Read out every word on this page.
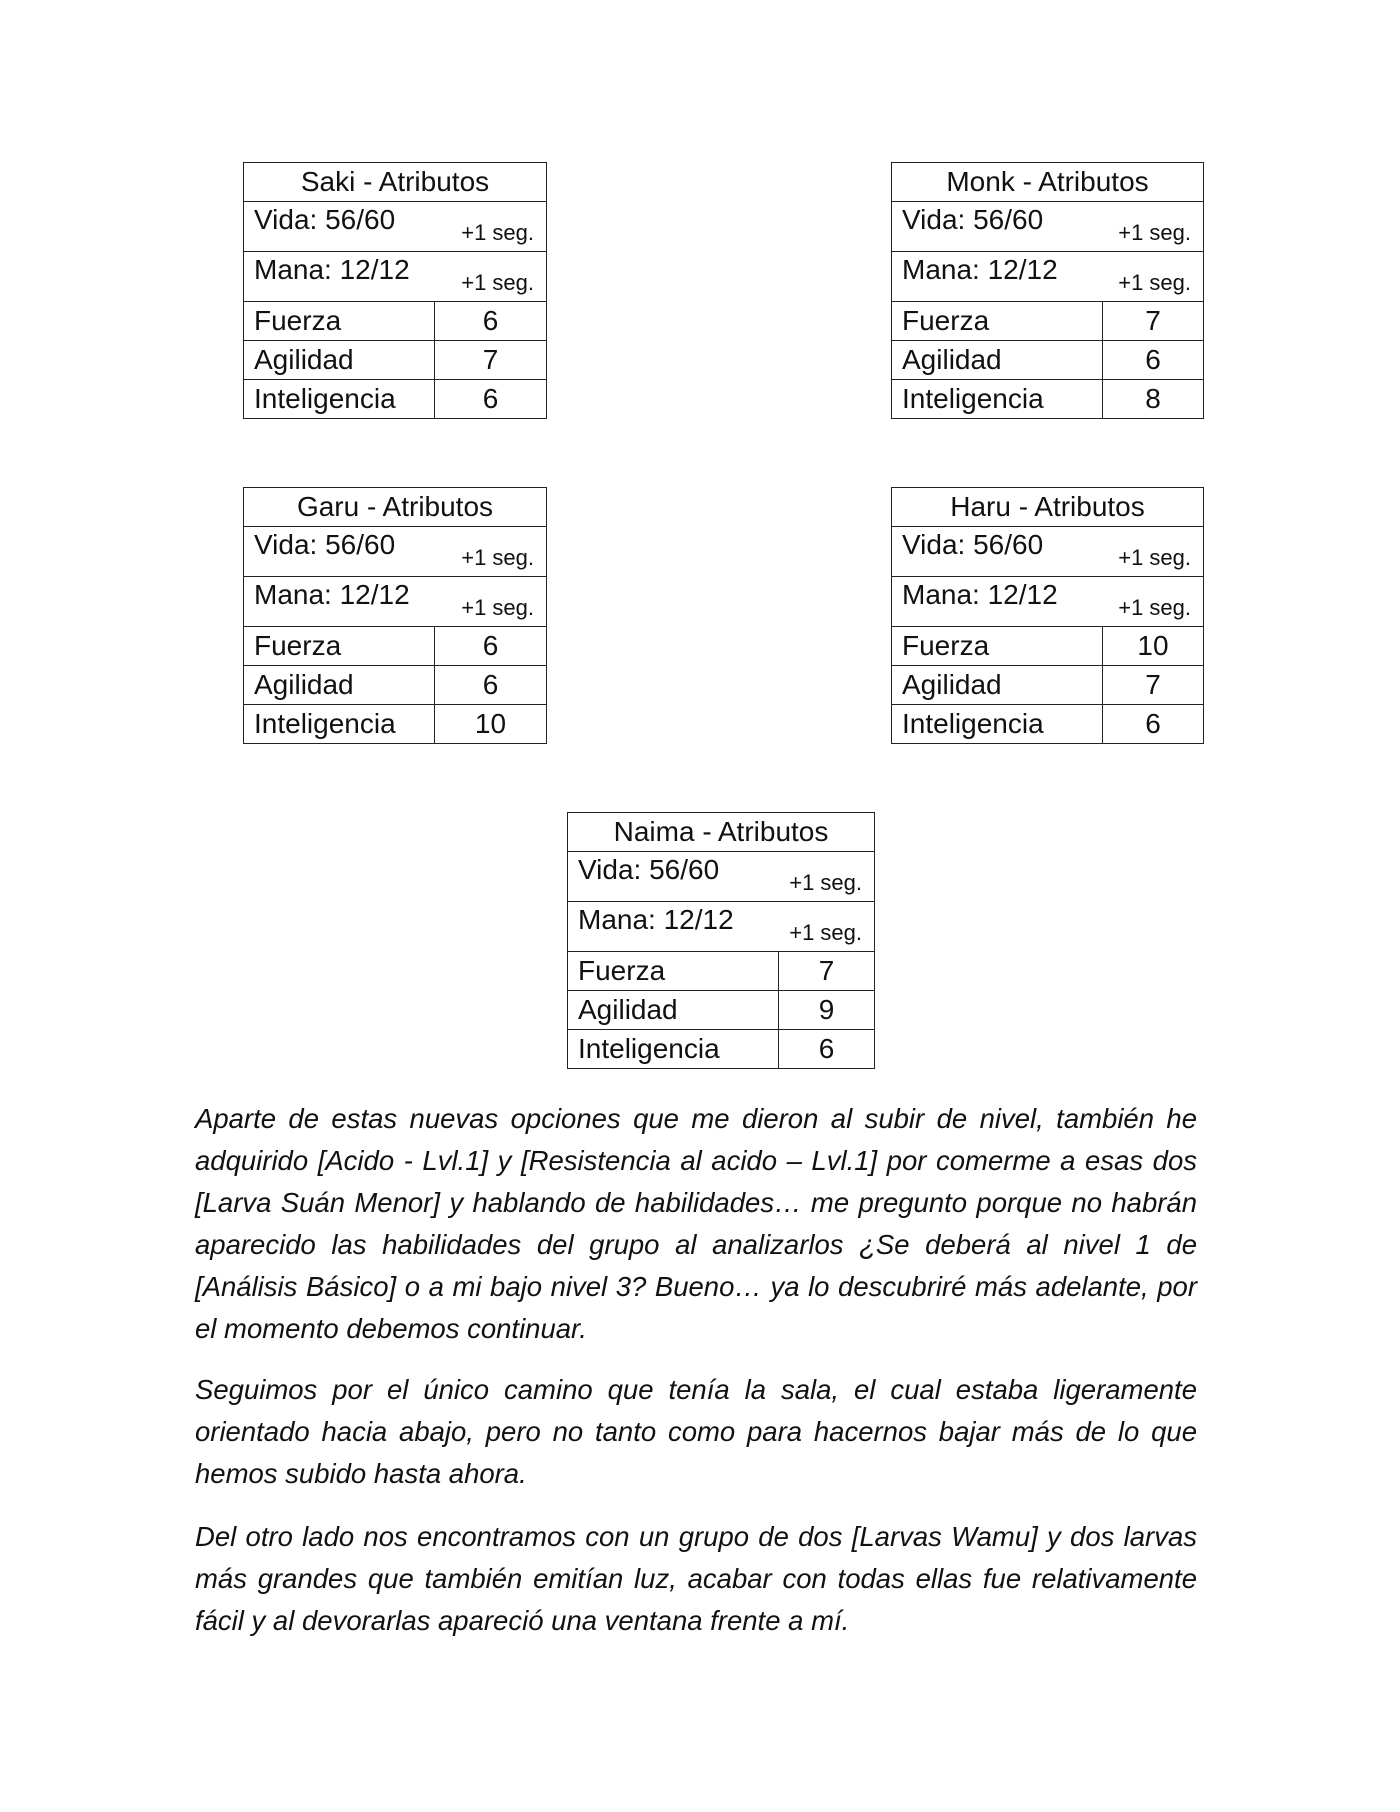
Saki - Atributos	
Vida: 56/60 +1 seg.	

Mana: 12/12 +1 seg.	

Fuerza	6
Agilidad	7
Inteligencia	6
Monk - Atributos	
Vida: 56/60 +1 seg.	

Mana: 12/12 +1 seg.	

Fuerza	7
Agilidad	6
Inteligencia	8
Garu - Atributos	
Vida: 56/60 +1 seg.	

Mana: 12/12 +1 seg.	

Fuerza	6
Agilidad	6
Inteligencia	10
Haru - Atributos	
Vida: 56/60 +1 seg.	

Mana: 12/12 +1 seg.	

Fuerza	10
Agilidad	7
Inteligencia	6
Naima - Atributos	
Vida: 56/60 +1 seg.	

Mana: 12/12 +1 seg.	

Fuerza	7
Agilidad	9
Inteligencia	6

Aparte de estas nuevas opciones que me dieron al subir de nivel, también he adquirido [Acido - Lvl.1] y [Resistencia al acido – Lvl.1] por comerme a esas dos [Larva Suán Menor] y hablando de habilidades… me pregunto porque no habrán aparecido las habilidades del grupo al analizarlos ¿Se deberá al nivel 1 de [Análisis Básico] o a mi bajo nivel 3? Bueno… ya lo descubriré más adelante, por el momento debemos continuar.

Seguimos por el único camino que tenía la sala, el cual estaba ligeramente orientado hacia abajo, pero no tanto como para hacernos bajar más de lo que hemos subido hasta ahora.

Del otro lado nos encontramos con un grupo de dos [Larvas Wamu] y dos larvas más grandes que también emitían luz, acabar con todas ellas fue relativamente fácil y al devorarlas apareció una ventana frente a mí.
